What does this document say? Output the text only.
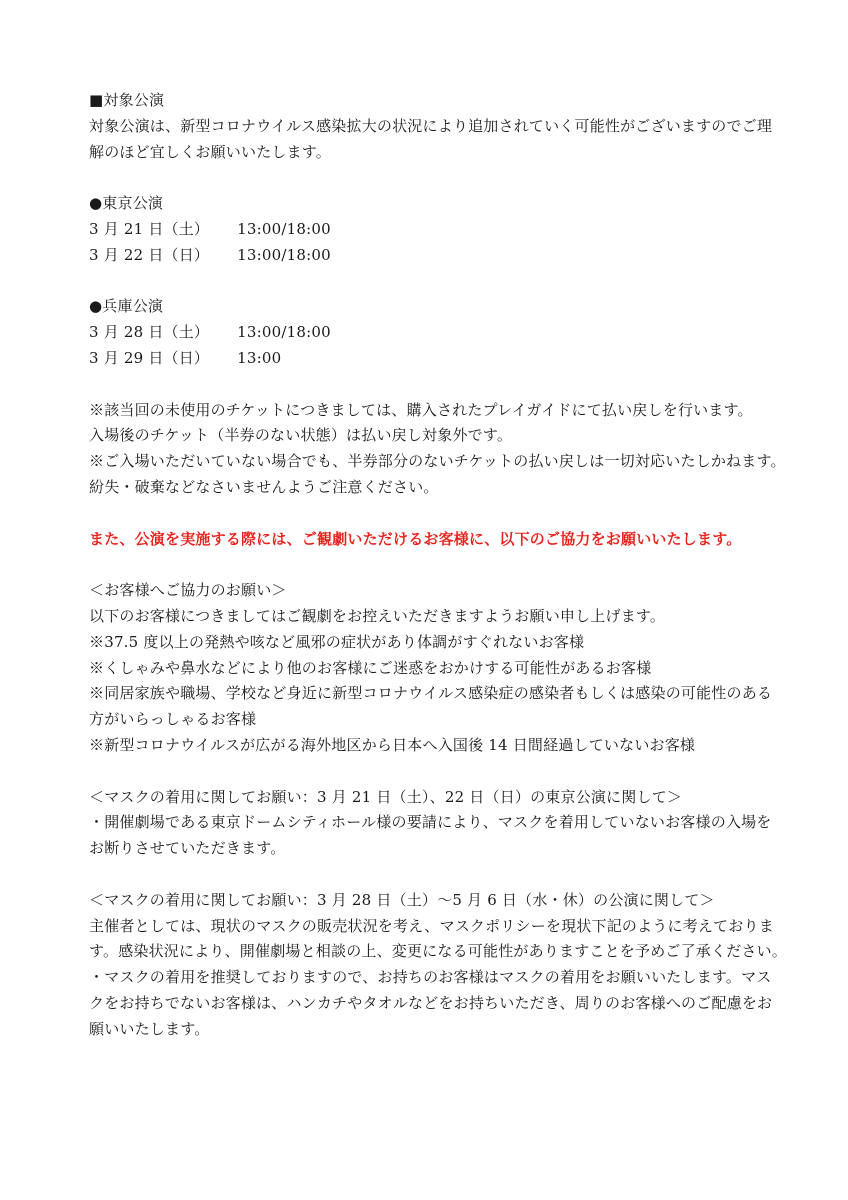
■対象公演
対象公演は、新型コロナウイルス感染拡大の状況により追加されていく可能性がございますのでご理
解のほど宜しくお願いいたします。
●東京公演
3 月 21 日（土） 13:00/18:00
3 月 22 日（日） 13:00/18:00
●兵庫公演
3 月 28 日（土） 13:00/18:00
3 月 29 日（日） 13:00
※該当回の未使用のチケットにつきましては、購入されたプレイガイドにて払い戻しを行います。
入場後のチケット（半券のない状態）は払い戻し対象外です。
※ご入場いただいていない場合でも、半券部分のないチケットの払い戻しは一切対応いたしかねます。
紛失・破棄などなさいませんようご注意ください。
また、公演を実施する際には、ご観劇いただけるお客様に、以下のご協力をお願いいたします。
＜お客様へご協力のお願い＞
以下のお客様につきましてはご観劇をお控えいただきますようお願い申し上げます。
※37.5 度以上の発熱や咳など風邪の症状があり体調がすぐれないお客様
※くしゃみや鼻水などにより他のお客様にご迷惑をおかけする可能性があるお客様
※同居家族や職場、学校など身近に新型コロナウイルス感染症の感染者もしくは感染の可能性のある
方がいらっしゃるお客様
※新型コロナウイルスが広がる海外地区から日本へ入国後 14 日間経過していないお客様
＜マスクの着用に関してお願い：3 月 21 日（土）、22 日（日）の東京公演に関して＞
・開催劇場である東京ドームシティホール様の要請により、マスクを着用していないお客様の入場を
お断りさせていただきます。
＜マスクの着用に関してお願い：3 月 28 日（土）～5 月 6 日（水・休）の公演に関して＞
主催者としては、現状のマスクの販売状況を考え、マスクポリシーを現状下記のように考えておりま
す。感染状況により、開催劇場と相談の上、変更になる可能性がありますことを予めご了承ください。
・マスクの着用を推奨しておりますので、お持ちのお客様はマスクの着用をお願いいたします。マス
クをお持ちでないお客様は、ハンカチやタオルなどをお持ちいただき、周りのお客様へのご配慮をお
願いいたします。
